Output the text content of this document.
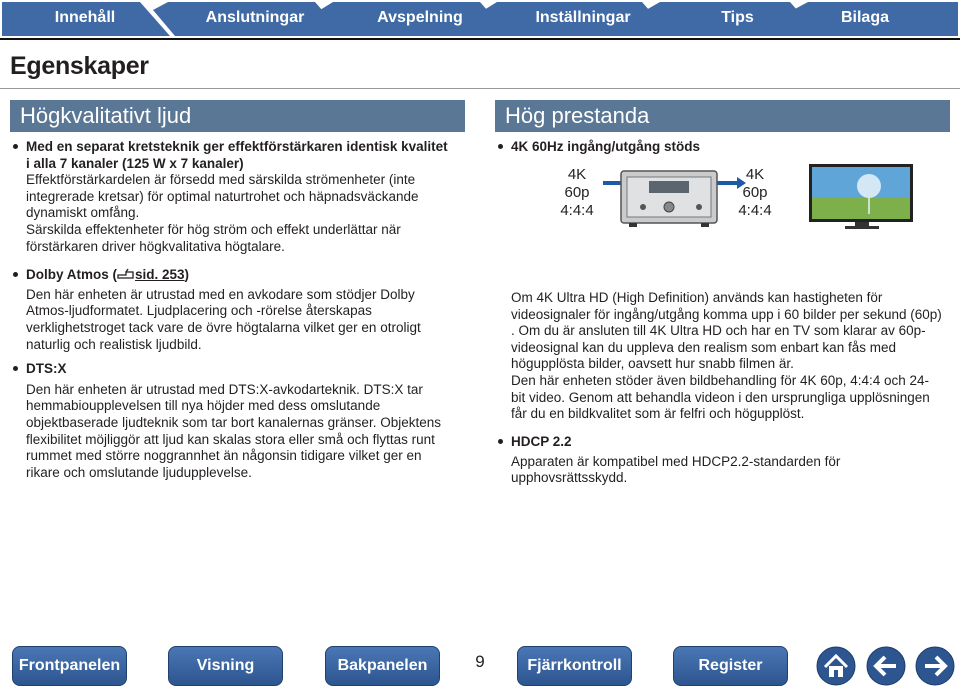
Innehåll	Anslutningar	Avspelning	Inställningar	Tips	Bilaga
Egenskaper
Högkvalitativt ljud	Hög prestanda
Med en separat kretsteknik ger effektförstärkaren identisk kvalitet i alla 7 kanaler (125 W x 7 kanaler)
Effektförstärkardelen är försedd med särskilda strömenheter (inte integrerade kretsar) för optimal naturtrohet och häpnadsväckande dynamiskt omfång.
Särskilda effektenheter för hög ström och effekt underlättar när förstärkaren driver högkvalitativa högtalare.
Dolby Atmos ( sid. 253)
Den här enheten är utrustad med en avkodare som stödjer Dolby Atmos-ljudformatet. Ljudplacering och -rörelse återskapas verklighetstroget tack vare de övre högtalarna vilket ger en otroligt naturlig och realistisk ljudbild.
DTS:X
Den här enheten är utrustad med DTS:X-avkodarteknik. DTS:X tar hemmabioupplevelsen till nya höjder med dess omslutande objektbaserade ljudteknik som tar bort kanalernas gränser. Objektens flexibilitet möjliggör att ljud kan skalas stora eller små och flyttas runt rummet med större noggrannhet än någonsin tidigare vilket ger en rikare och omslutande ljudupplevelse.
4K 60Hz ingång/utgång stöds
4K 60p
4:4:4
4K 60p
4:4:4
Om 4K Ultra HD (High Definition) används kan hastigheten för videosignaler för ingång/utgång komma upp i 60 bilder per sekund (60p) . Om du är ansluten till 4K Ultra HD och har en TV som klarar av 60p-videosignal kan du uppleva den realism som enbart kan fås med högupplösta bilder, oavsett hur snabb filmen är.
Den här enheten stöder även bildbehandling för 4K 60p, 4:4:4 och 24-bit video. Genom att behandla videon i den ursprungliga upplösningen får du en bildkvalitet som är felfri och högupplöst.
HDCP 2.2
Apparaten är kompatibel med HDCP2.2-standarden för upphovsrättsskydd.
Frontpanelen	Visning	Bakpanelen	9	Fjärrkontroll	Register
